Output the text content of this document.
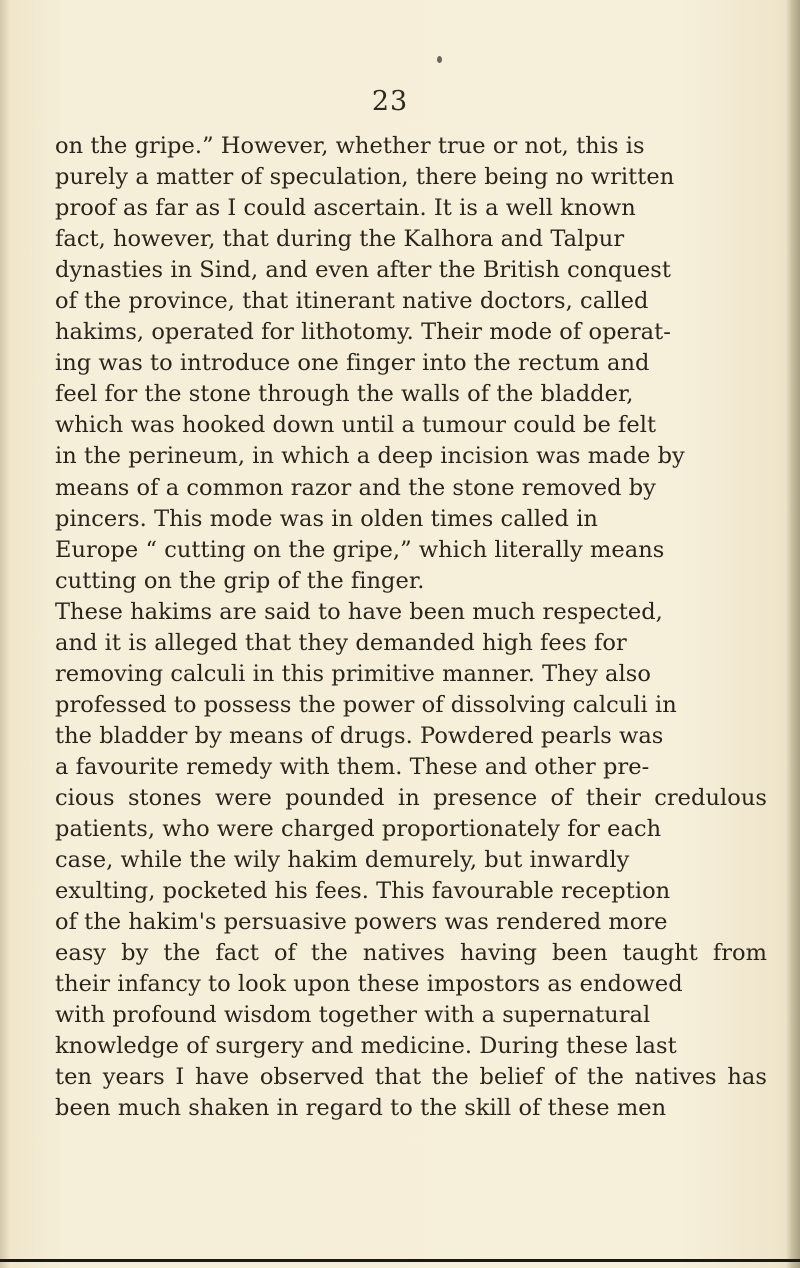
23
on the gripe.” However, whether true or not, this is
purely a matter of speculation, there being no written
proof as far as I could ascertain. It is a well known
fact, however, that during the Kalhora and Talpur
dynasties in Sind, and even after the British conquest
of the province, that itinerant native doctors, called
hakims, operated for lithotomy. Their mode of operat-
ing was to introduce one finger into the rectum and
feel for the stone through the walls of the bladder,
which was hooked down until a tumour could be felt
in the perineum, in which a deep incision was made by
means of a common razor and the stone removed by
pincers. This mode was in olden times called in
Europe “ cutting on the gripe,” which literally means
cutting on the grip of the finger.
These hakims are said to have been much respected,
and it is alleged that they demanded high fees for
removing calculi in this primitive manner. They also
professed to possess the power of dissolving calculi in
the bladder by means of drugs. Powdered pearls was
a favourite remedy with them. These and other pre-
cious stones were pounded in presence of their credulous
patients, who were charged proportionately for each
case, while the wily hakim demurely, but inwardly
exulting, pocketed his fees. This favourable reception
of the hakim's persuasive powers was rendered more
easy by the fact of the natives having been taught from
their infancy to look upon these impostors as endowed
with profound wisdom together with a supernatural
knowledge of surgery and medicine. During these last
ten years I have observed that the belief of the natives has
been much shaken in regard to the skill of these men
